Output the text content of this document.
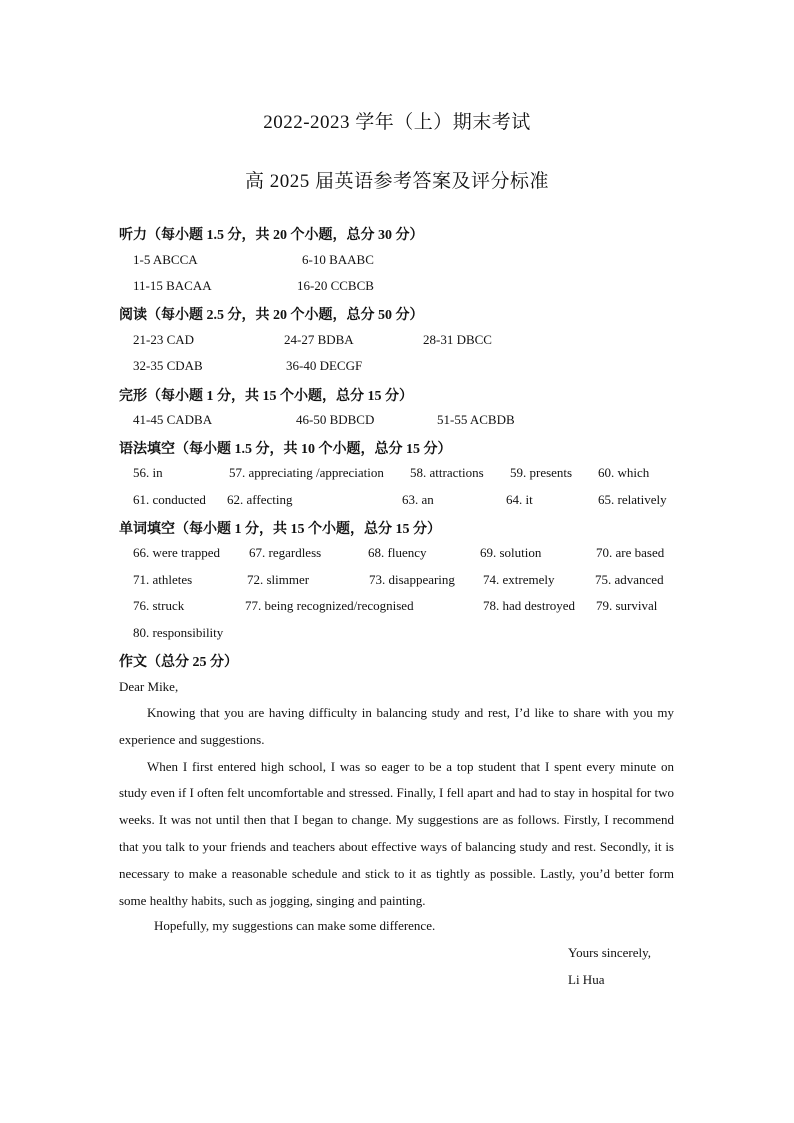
2022-2023 学年（上）期末考试
高 2025 届英语参考答案及评分标准
听力（每小题 1.5 分，共 20 个小题，总分 30 分）
1-5 ABCCA	6-10 BAABC
11-15 BACAA	16-20 CCBCB
阅读（每小题 2.5 分，共 20 个小题，总分 50 分）
21-23 CAD	24-27 BDBA	28-31 DBCC
32-35 CDAB	36-40 DECGF
完形（每小题 1 分，共 15 个小题，总分 15 分）
41-45 CADBA	46-50 BDBCD	51-55 ACBDB
语法填空（每小题 1.5 分，共 10 个小题，总分 15 分）
56. in	57. appreciating /appreciation 58. attractions 59. presents 60. which
61. conducted 62. affecting	63. an	64. it	65. relatively
单词填空（每小题 1 分，共 15 个小题，总分 15 分）
66. were trapped 67. regardless	68. fluency	69. solution	70. are based
71. athletes	72. slimmer	73. disappearing 74. extremely	75. advanced
76. struck	77. being recognized/recognised	78. had destroyed 79. survival
80. responsibility
作文（总分 25 分）
Dear Mike,

Knowing that you are having difficulty in balancing study and rest, I’d like to share with you my experience and suggestions.

When I first entered high school, I was so eager to be a top student that I spent every minute on study even if I often felt uncomfortable and stressed. Finally, I fell apart and had to stay in hospital for two weeks. It was not until then that I began to change. My suggestions are as follows. Firstly, I recommend that you talk to your friends and teachers about effective ways of balancing study and rest. Secondly, it is necessary to make a reasonable schedule and stick to it as tightly as possible. Lastly, you’d better form some healthy habits, such as jogging, singing and painting.

Hopefully, my suggestions can make some difference.
Yours sincerely,
Li Hua
